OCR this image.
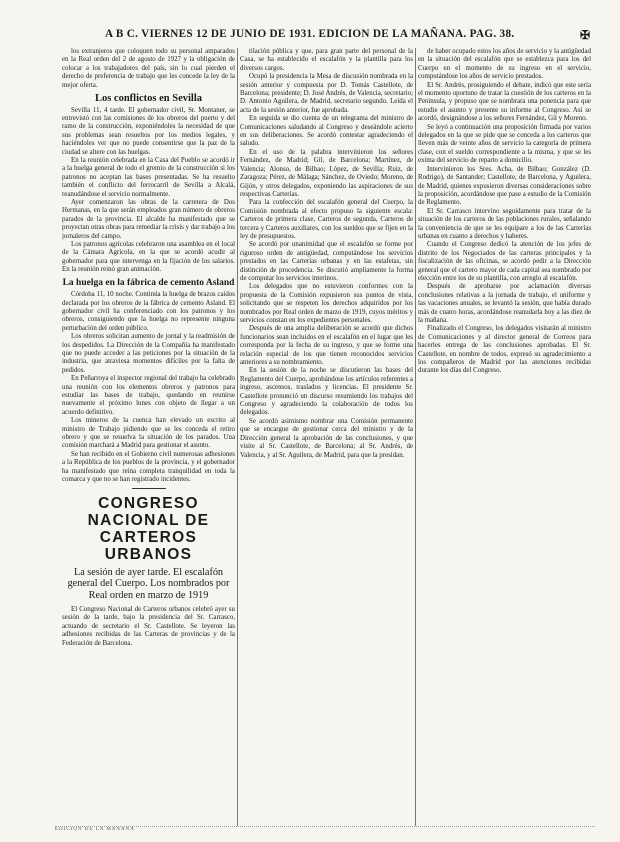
A B C. VIERNES 12 DE JUNIO DE 1931. EDICION DE LA MAÑANA. PAG. 38.	✠

los extranjeros que coloquen todo su personal amparados en la Real orden del 2 de agosto de 1927 y la obligación de colocar a los trabajadores del país, sin lo cual pierden el derecho de preferencia de trabajo que les concede la ley de la mejor oferta.

Los conflictos en Sevilla

Sevilla 11, 4 tarde. El gobernador civil, Sr. Montaner, se entrevistó con las comisiones de los obreros del puerto y del ramo de la construcción, exponiéndoles la necesidad de que sus problemas sean resueltos por los medios legales, y haciéndoles ver que no puede consentirse que la paz de la ciudad se altere con las huelgas.

En la reunión celebrada en la Casa del Pueblo se acordó ir a la huelga general de todo el gremio de la construcción si los patronos no aceptan las bases presentadas. Se ha resuelto también el conflicto del ferrocarril de Sevilla a Alcalá, reanudándose el servicio normalmente.

Ayer comenzaron las obras de la carretera de Dos Hermanas, en la que serán empleados gran número de obreros parados de la provincia. El alcalde ha manifestado que se proyectan otras obras para remediar la crisis y dar trabajo a los jornaleros del campo.

Los patronos agrícolas celebraron una asamblea en el local de la Cámara Agrícola, en la que se acordó acudir al gobernador para que intervenga en la fijación de los salarios. En la reunión reinó gran animación.

La huelga en la fábrica de cemento Asland

Córdoba 11, 10 noche. Continúa la huelga de brazos caídos declarada por los obreros de la fábrica de cemento Asland. El gobernador civil ha conferenciado con los patronos y los obreros, consiguiendo que la huelga no represente ninguna perturbación del orden público.

Los obreros solicitan aumento de jornal y la readmisión de los despedidos. La Dirección de la Compañía ha manifestado que no puede acceder a las peticiones por la situación de la industria, que atraviesa momentos difíciles por la falta de pedidos.

En Peñarroya el inspector regional del trabajo ha celebrado una reunión con los elementos obreros y patronos para estudiar las bases de trabajo, quedando en reunirse nuevamente el próximo lunes con objeto de llegar a un acuerdo definitivo.

Los mineros de la cuenca han elevado un escrito al ministro de Trabajo pidiendo que se les conceda el retiro obrero y que se resuelva la situación de los parados. Una comisión marchará a Madrid para gestionar el asunto.

Se han recibido en el Gobierno civil numerosas adhesiones a la República de los pueblos de la provincia, y el gobernador ha manifestado que reina completa tranquilidad en toda la comarca y que no se han registrado incidentes.

CONGRESO NACIONAL DE CARTEROS URBANOS
La sesión de ayer tarde. El escalafón general del Cuerpo. Los nombrados por Real orden en marzo de 1919

El Congreso Nacional de Carteros urbanos celebró ayer su sesión de la tarde, bajo la presidencia del Sr. Carrasco, actuando de secretario el Sr. Castellote. Se leyeron las adhesiones recibidas de las Carteras de provincias y de la Federación de Barcelona.

tilación pública y que, para gran parte del personal de la Casa, se ha establecido el escalafón y la plantilla para los diversos cargos.

Ocupó la presidencia la Mesa de discusión nombrada en la sesión anterior y compuesta por D. Tomás Castellote, de Barcelona; presidente; D. José Andrés, de Valencia, secretario; D. Antonio Aguilera, de Madrid, secretario segundo. Leída el acta de la sesión anterior, fue aprobada.

En seguida se dio cuenta de un telegrama del ministro de Comunicaciones saludando al Congreso y deseándole acierto en sus deliberaciones. Se acordó contestar agradeciendo el saludo.

En el uso de la palabra intervinieron los señores Fernández, de Madrid; Gil, de Barcelona; Martínez, de Valencia; Alonso, de Bilbao; López, de Sevilla; Ruiz, de Zaragoza; Pérez, de Málaga; Sánchez, de Oviedo; Moreno, de Gijón, y otros delegados, exponiendo las aspiraciones de sus respectivas Carterías.

Para la confección del escalafón general del Cuerpo, la Comisión nombrada al efecto propuso la siguiente escala: Carteros de primera clase, Carteros de segunda, Carteros de tercera y Carteros auxiliares, con los sueldos que se fijen en la ley de presupuestos.

Se acordó por unanimidad que el escalafón se forme por riguroso orden de antigüedad, computándose los servicios prestados en las Carterías urbanas y en las estafetas, sin distinción de procedencia. Se discutió ampliamente la forma de computar los servicios interinos.

Los delegados que no estuvieron conformes con la propuesta de la Comisión expusieron sus puntos de vista, solicitando que se respeten los derechos adquiridos por los nombrados por Real orden de marzo de 1919, cuyos méritos y servicios constan en los expedientes personales.

Después de una amplia deliberación se acordó que dichos funcionarios sean incluidos en el escalafón en el lugar que les corresponda por la fecha de su ingreso, y que se forme una relación especial de los que tienen reconocidos servicios anteriores a su nombramiento.

En la sesión de la noche se discutieron las bases del Reglamento del Cuerpo, aprobándose los artículos referentes a ingreso, ascensos, traslados y licencias. El presidente Sr. Castellote pronunció un discurso resumiendo los trabajos del Congreso y agradeciendo la colaboración de todos los delegados.

Se acordó asimismo nombrar una Comisión permanente que se encargue de gestionar cerca del ministro y de la Dirección general la aprobación de las conclusiones, y que visite al Sr. Castellote, de Barcelona; al Sr. Andrés, de Valencia, y al Sr. Aguilera, de Madrid, para que la presidan.

de haber ocupado estos los años de servicio y la antigüedad en la situación del escalafón que se establezca para los del Cuerpo en el momento de su ingreso en el servicio, computándose los años de servicio prestados.

El Sr. Andrés, prosiguiendo el debate, indicó que este sería el momento oportuno de tratar la cuestión de los carteros en la Península, y propuso que se nombrara una ponencia para que estudie el asunto y presente su informe al Congreso. Así se acordó, designándose a los señores Fernández, Gil y Moreno.

Se leyó a continuación una proposición firmada por varios delegados en la que se pide que se conceda a los carteros que lleven más de veinte años de servicio la categoría de primera clase, con el sueldo correspondiente a la misma, y que se les exima del servicio de reparto a domicilio.

Intervinieron los Sres. Acha, de Bilbao; González (D. Rodrigo), de Santander; Castellote, de Barcelona, y Aguilera, de Madrid, quienes expusieron diversas consideraciones sobre la proposición, acordándose que pase a estudio de la Comisión de Reglamento.

El Sr. Carrasco intervino seguidamente para tratar de la situación de los carteros de las poblaciones rurales, señalando la conveniencia de que se les equipare a los de las Carterías urbanas en cuanto a derechos y haberes.

Cuando el Congreso dedicó la atención de los jefes de distrito de los Negociados de las carteras principales y la fiscalización de las oficinas, se acordó pedir a la Dirección general que el cartero mayor de cada capital sea nombrado por elección entre los de su plantilla, con arreglo al escalafón.

Después de aprobarse por aclamación diversas conclusiones relativas a la jornada de trabajo, el uniforme y las vacaciones anuales, se levantó la sesión, que había durado más de cuatro horas, acordándose reanudarla hoy a las diez de la mañana.

Finalizado el Congreso, los delegados visitarán al ministro de Comunicaciones y al director general de Correos para hacerles entrega de las conclusiones aprobadas. El Sr. Castellote, en nombre de todos, expresó su agradecimiento a los compañeros de Madrid por las atenciones recibidas durante los días del Congreso.

EDICION DE LA MAÑANA
